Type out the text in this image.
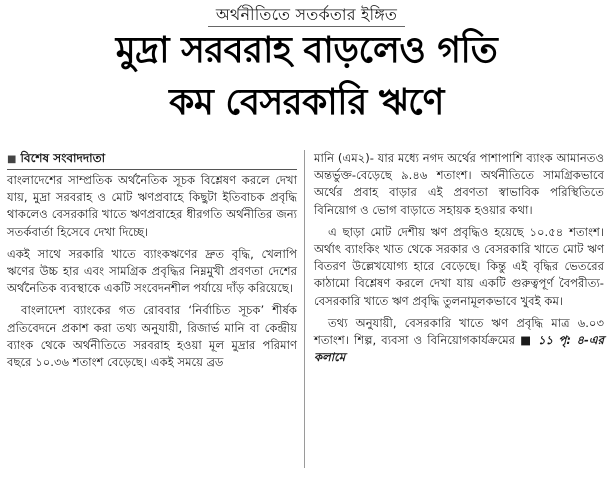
অর্থনীতিতে সতর্কতার ইঙ্গিত
মুদ্রা সরবরাহ বাড়লেও গতি
কম বেসরকারি ঋণে
■ বিশেষ সংবাদদাতা

বাংলাদেশের সাম্প্রতিক অর্থনৈতিক সূচক বিশ্লেষণ করলে দেখা যায়, মুদ্রা সরবরাহ ও মোট ঋণপ্রবাহে কিছুটা ইতিবাচক প্রবৃদ্ধি থাকলেও বেসরকারি খাতে ঋণপ্রবাহের ধীরগতি অর্থনীতির জন্য সতর্কবার্তা হিসেবে দেখা দিচ্ছে।

একই সাথে সরকারি খাতে ব্যাংকঋণের দ্রুত বৃদ্ধি, খেলাপি ঋণের উচ্চ হার এবং সামগ্রিক প্রবৃদ্ধির নিম্নমুখী প্রবণতা দেশের অর্থনৈতিক ব্যবস্থাকে একটি সংবেদনশীল পর্যায়ে দাঁড় করিয়েছে।

বাংলাদেশ ব্যাংকের গত রোববার ‘নির্বাচিত সূচক’ শীর্ষক প্রতিবেদনে প্রকাশ করা তথ্য অনুযায়ী, রিজার্ভ মানি বা কেন্দ্রীয় ব্যাংক থেকে অর্থনীতিতে সরবরাহ হওয়া মূল মুদ্রার পরিমাণ বছরে ১০.৩৬ শতাংশ বেড়েছে। একই সময়ে ব্রড

মানি (এম২)- যার মধ্যে নগদ অর্থের পাশাপাশি ব্যাংক আমানতও অন্তর্ভুক্ত-বেড়েছে ৯.৪৬ শতাংশ। অর্থনীতিতে সামগ্রিকভাবে অর্থের প্রবাহ বাড়ার এই প্রবণতা স্বাভাবিক পরিস্থিতিতে বিনিয়োগ ও ভোগ বাড়াতে সহায়ক হওয়ার কথা।

এ ছাড়া মোট দেশীয় ঋণ প্রবৃদ্ধিও হয়েছে ১০.৫৪ শতাংশ। অর্থাৎ ব্যাংকিং খাত থেকে সরকার ও বেসরকারি খাতে মোট ঋণ বিতরণ উল্লেখযোগ্য হারে বেড়েছে। কিন্তু এই বৃদ্ধির ভেতরের কাঠামো বিশ্লেষণ করলে দেখা যায় একটি গুরুত্বপূর্ণ বৈপরীত্য- বেসরকারি খাতে ঋণ প্রবৃদ্ধি তুলনামূলকভাবে খুবই কম।

তথ্য অনুযায়ী, বেসরকারি খাতে ঋণ প্রবৃদ্ধি মাত্র ৬.০৩ শতাংশ। শিল্প, ব্যবসা ও বিনিয়োগকার্যক্রমের ■ ১১ পৃ: ৪-এর কলামে
